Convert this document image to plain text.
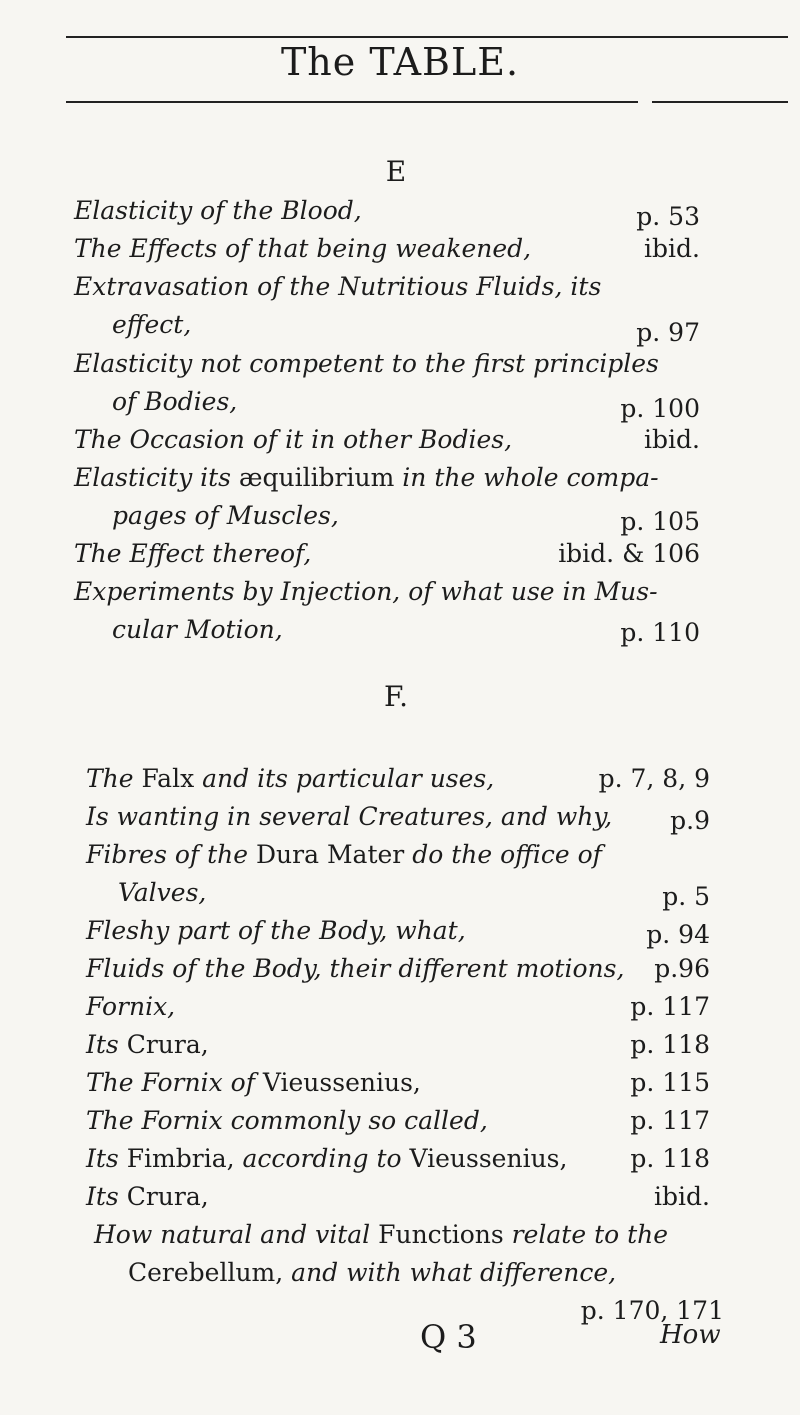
The TABLE.
E
Elasticity of the Blood,	p. 53
The Effects of that being weakened,	ibid.
Extravasation of the Nutritious Fluids, its
effect,	p. 97
Elasticity not competent to the first principles
of Bodies,	p. 100
The Occasion of it in other Bodies,	ibid.
Elasticity its æquilibrium in the whole compa-
pages of Muscles,	p. 105
The Effect thereof,	ibid. & 106
Experiments by Injection, of what use in Mus-
cular Motion,	p. 110
F.
The Falx and its particular uses,	p. 7, 8, 9
Is wanting in several Creatures, and why, p.9
Fibres of the Dura Mater do the office of
Valves,	p. 5
Fleshy part of the Body, what,	p. 94
Fluids of the Body, their different motions, p.96
Fornix,	p. 117
Its Crura,	p. 118
The Fornix of Vieussenius,	p. 115
The Fornix commonly so called,	p. 117
Its Fimbria, according to Vieussenius,	p. 118
Its Crura,	ibid.
How natural and vital Functions relate to the
Cerebellum, and with what difference,
p. 170, 171
Q 3	How
